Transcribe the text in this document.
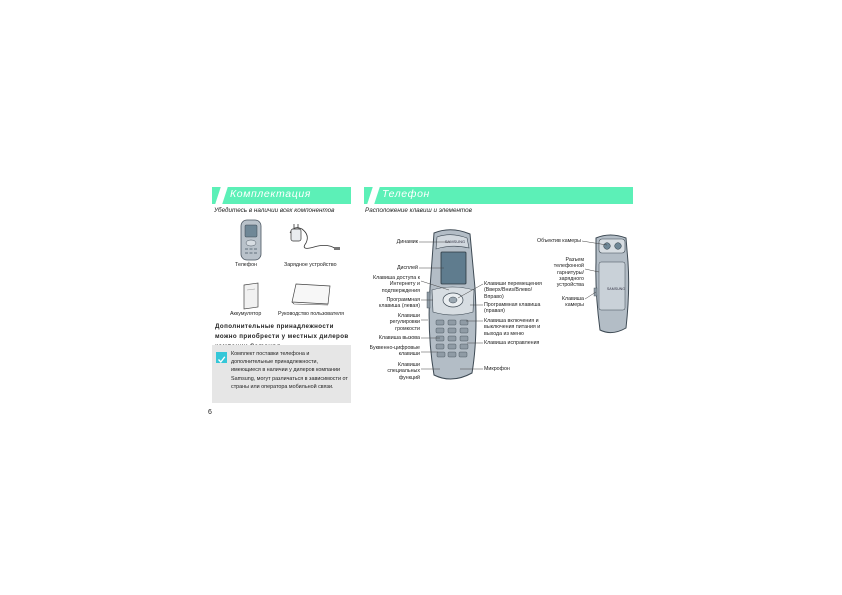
Комплектация
Убедитесь в наличии всех компонентов
Телефон	Зарядное устройство
Аккумулятор	Руководство пользователя
Дополнительные принадлежности можно приобрести у местных дилеров
Комплект поставки телефона и дополнительные принадлежности, имеющиеся в наличии у дилеров компании Samsung, могут различаться в зависимости от страны или оператора мобильной связи.
6
Телефон
Расположение клавиш и элементов
SAMSUNG
SAMSUNG
Динамик
Дисплей
Клавиша доступа к Интернету и подтверждения
Программная клавиша (левая)
Клавиши регулировки громкости
Клавиша вызова
Буквенно-цифровые клавиши
Клавиши специальных функций
Клавиши перемещения (Вверх/Вниз/Влево/Вправо)
Программная клавиша (правая)
Клавиша включения и выключения питания и выхода из меню
Клавиша исправления
Микрофон
Объектив камеры
Разъем телефонной гарнитуры/зарядного устройства
Клавиша камеры
